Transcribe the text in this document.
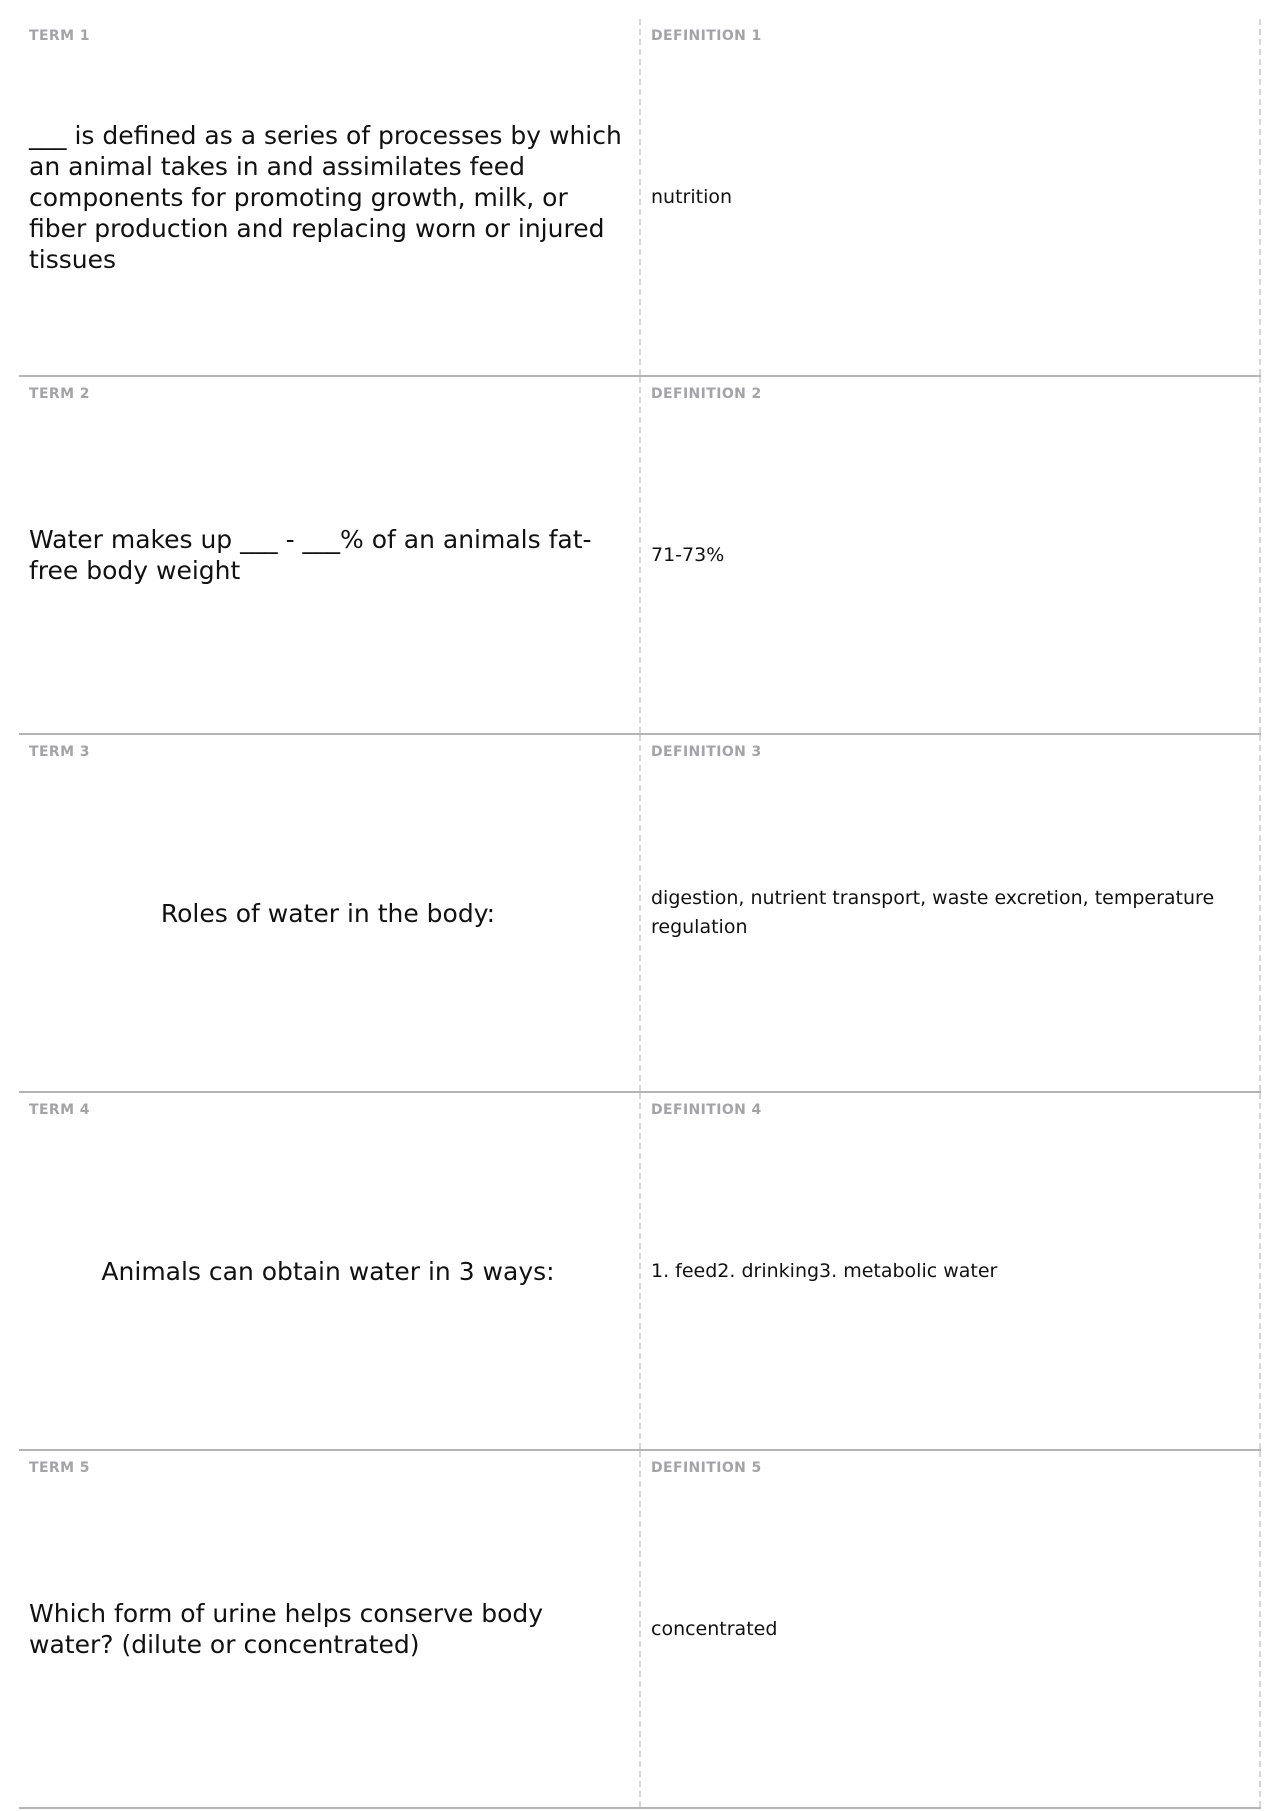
TERM 1
___ is defined as a series of processes by which an animal takes in and assimilates feed components for promoting growth, milk, or fiber production and replacing worn or injured tissues
DEFINITION 1
nutrition
TERM 2
Water makes up ___ - ___% of an animals fat-free body weight
DEFINITION 2
71-73%
TERM 3
Roles of water in the body:
DEFINITION 3
digestion, nutrient transport, waste excretion, temperature regulation
TERM 4
Animals can obtain water in 3 ways:
DEFINITION 4
1. feed2. drinking3. metabolic water
TERM 5
Which form of urine helps conserve body water? (dilute or concentrated)
DEFINITION 5
concentrated
